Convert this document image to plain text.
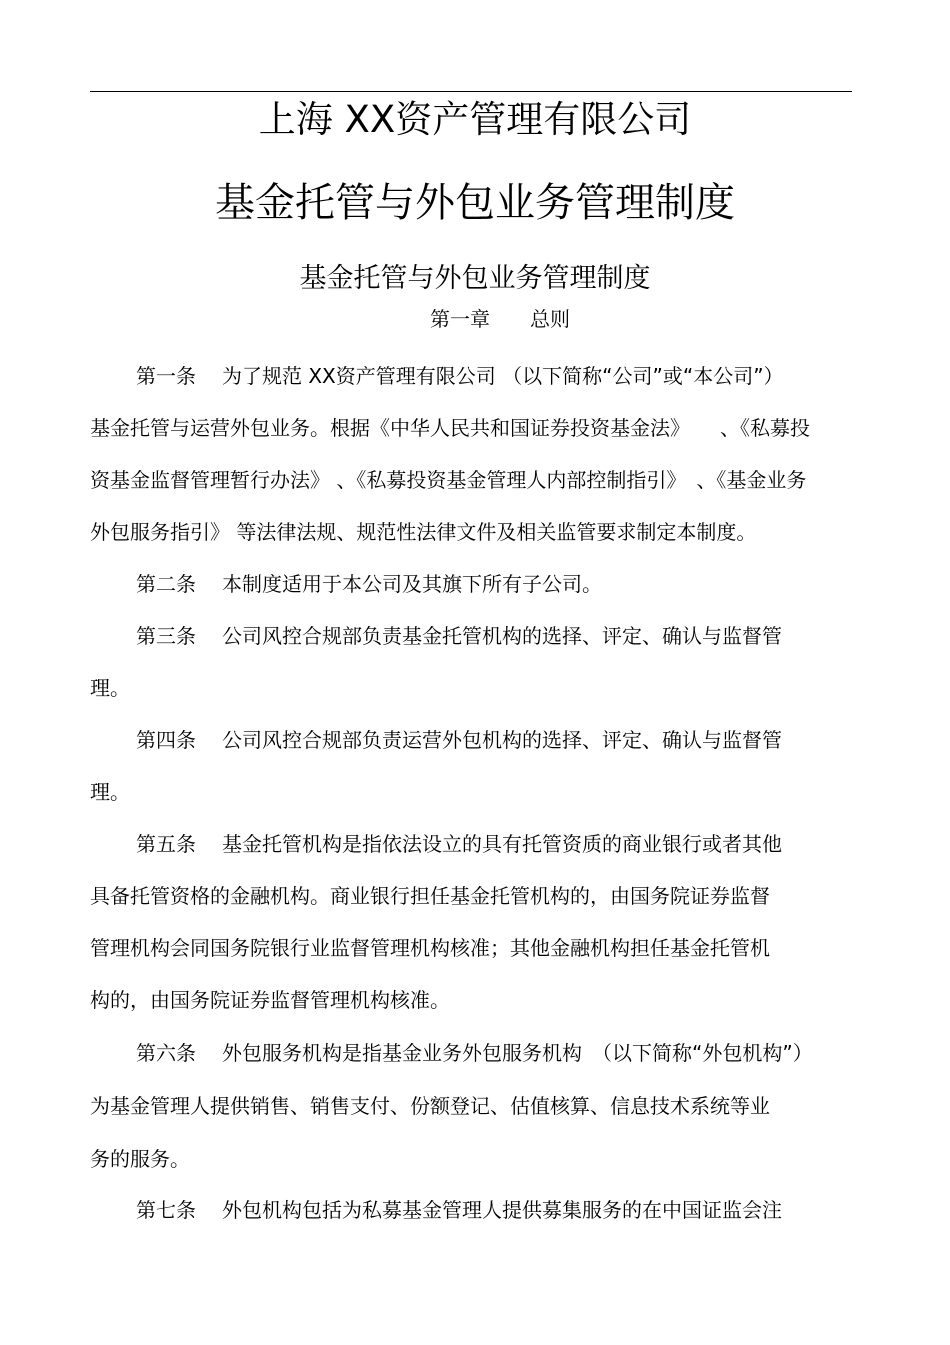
上海 XX资产管理有限公司
基金托管与外包业务管理制度
基金托管与外包业务管理制度
第一章 总则
第一条 为了规范 XX资产管理有限公司 （以下简称“公司”或“本公司”）
基金托管与运营外包业务。根据《中华人民共和国证券投资基金法》　　、《私募投
资基金监督管理暂行办法》 、《私募投资基金管理人内部控制指引》　、《基金业务
外包服务指引》 等法律法规、规范性法律文件及相关监管要求制定本制度。
第二条 本制度适用于本公司及其旗下所有子公司。
第三条 公司风控合规部负责基金托管机构的选择、评定、确认与监督管
理。
第四条 公司风控合规部负责运营外包机构的选择、评定、确认与监督管
理。
第五条 基金托管机构是指依法设立的具有托管资质的商业银行或者其他
具备托管资格的金融机构。商业银行担任基金托管机构的，由国务院证券监督
管理机构会同国务院银行业监督管理机构核准；其他金融机构担任基金托管机
构的，由国务院证券监督管理机构核准。
第六条 外包服务机构是指基金业务外包服务机构　（以下简称“外包机构”）
为基金管理人提供销售、销售支付、份额登记、估值核算、信息技术系统等业
务的服务。
第七条 外包机构包括为私募基金管理人提供募集服务的在中国证监会注
